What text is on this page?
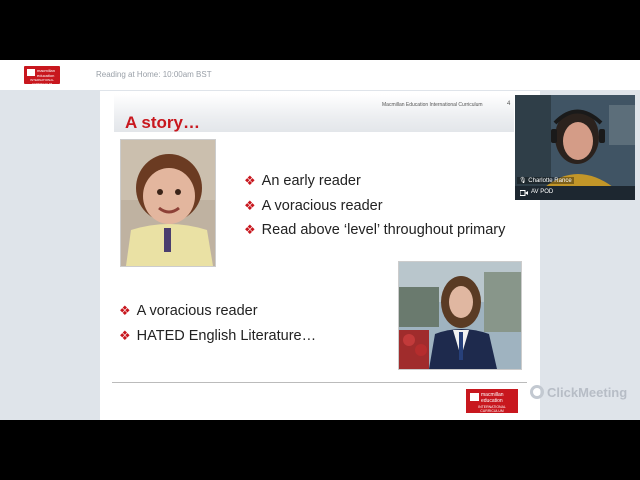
macmillan
education
INTERNATIONAL CURRICULUM
Reading at Home: 10:00am BST
Macmillan Education International Curriculum	4
A story…
❖ An early reader
❖ A voracious reader
❖ Read above ‘level’ throughout primary
❖ A voracious reader
❖ HATED English Literature…
macmillan
education
INTERNATIONAL CURRICULUM
🎙 Charlotte Rance
AV POD
ClickMeeting
